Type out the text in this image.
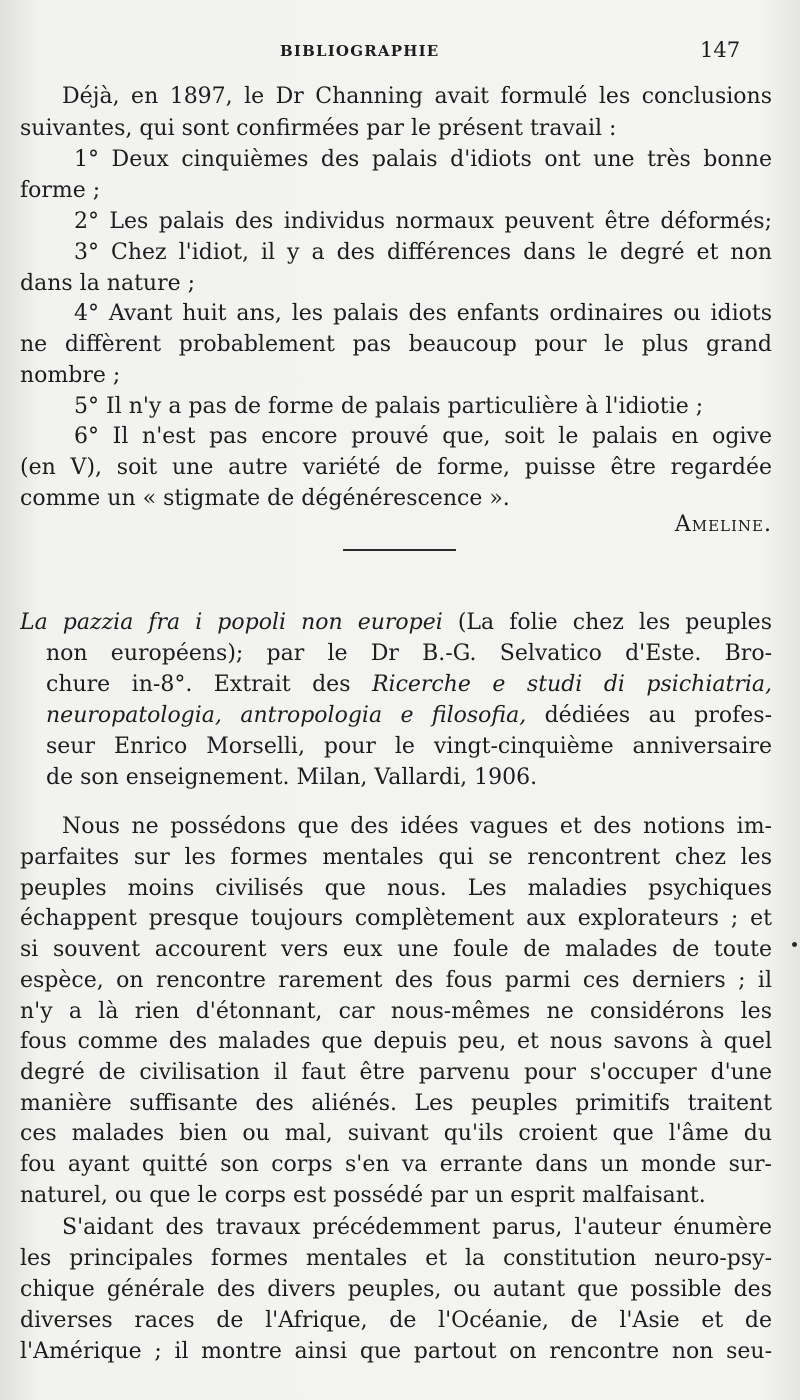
BIBLIOGRAPHIE	147
Déjà, en 1897, le Dr Channing avait formulé les conclusions
suivantes, qui sont confirmées par le présent travail :
1° Deux cinquièmes des palais d'idiots ont une très bonne
forme ;
2° Les palais des individus normaux peuvent être déformés;
3° Chez l'idiot, il y a des différences dans le degré et non
dans la nature ;
4° Avant huit ans, les palais des enfants ordinaires ou idiots
ne diffèrent probablement pas beaucoup pour le plus grand
nombre ;
5° Il n'y a pas de forme de palais particulière à l'idiotie ;
6° Il n'est pas encore prouvé que, soit le palais en ogive
(en V), soit une autre variété de forme, puisse être regardée
comme un « stigmate de dégénérescence ».
Ameline.
La pazzia fra i popoli non europei (La folie chez les peuples
non européens); par le Dr B.-G. Selvatico d'Este. Bro-
chure in-8°. Extrait des Ricerche e studi di psichiatria,
neuropatologia, antropologia e filosofia, dédiées au profes-
seur Enrico Morselli, pour le vingt-cinquième anniversaire
de son enseignement. Milan, Vallardi, 1906.
Nous ne possédons que des idées vagues et des notions im-
parfaites sur les formes mentales qui se rencontrent chez les
peuples moins civilisés que nous. Les maladies psychiques
échappent presque toujours complètement aux explorateurs ; et
si souvent accourent vers eux une foule de malades de toute
espèce, on rencontre rarement des fous parmi ces derniers ; il
n'y a là rien d'étonnant, car nous-mêmes ne considérons les
fous comme des malades que depuis peu, et nous savons à quel
degré de civilisation il faut être parvenu pour s'occuper d'une
manière suffisante des aliénés. Les peuples primitifs traitent
ces malades bien ou mal, suivant qu'ils croient que l'âme du
fou ayant quitté son corps s'en va errante dans un monde sur-
naturel, ou que le corps est possédé par un esprit malfaisant.
S'aidant des travaux précédemment parus, l'auteur énumère
les principales formes mentales et la constitution neuro-psy-
chique générale des divers peuples, ou autant que possible des
diverses races de l'Afrique, de l'Océanie, de l'Asie et de
l'Amérique ; il montre ainsi que partout on rencontre non seu-
